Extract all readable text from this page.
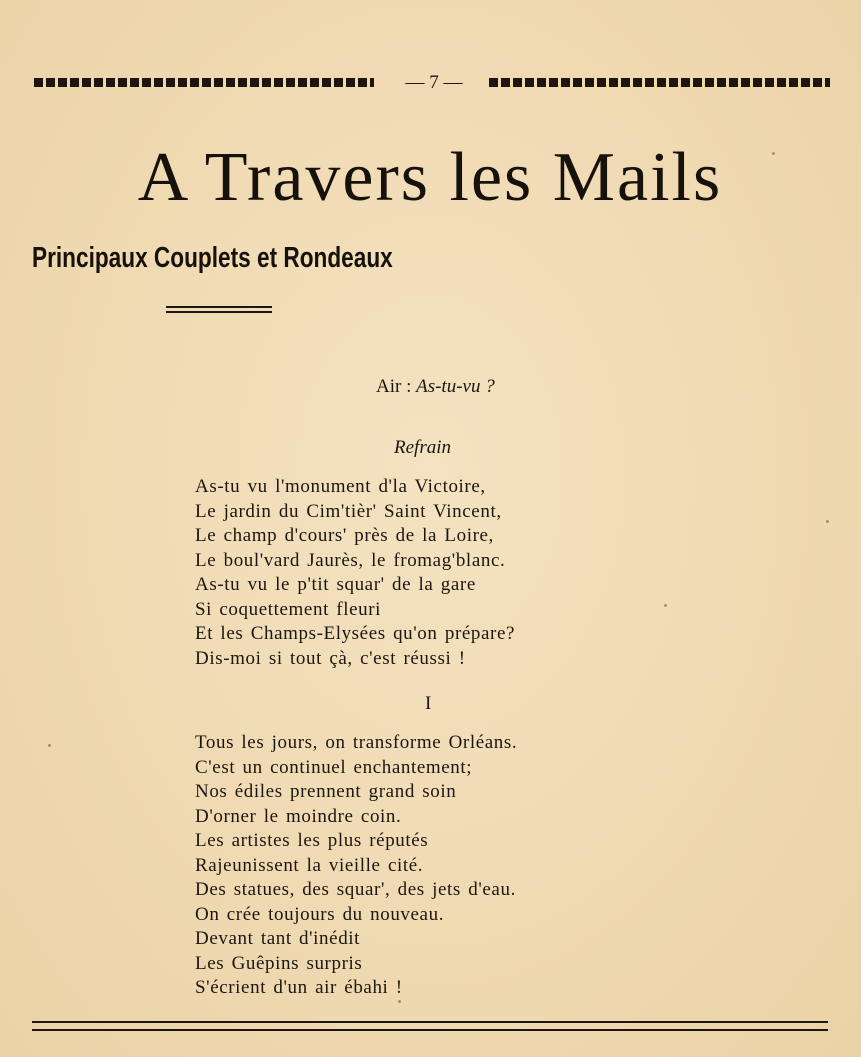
— 7 —
A Travers les Mails
Principaux Couplets et Rondeaux
Air : As-tu-vu ?
Refrain
As-tu vu l'monument d'la Victoire,
Le jardin du Cim'tièr' Saint Vincent,
Le champ d'cours' près de la Loire,
Le boul'vard Jaurès, le fromag'blanc.
As-tu vu le p'tit squar' de la gare
Si coquettement fleuri
Et les Champs-Elysées qu'on prépare?
Dis-moi si tout çà, c'est réussi !
I
Tous les jours, on transforme Orléans.
C'est un continuel enchantement;
Nos édiles prennent grand soin
D'orner le moindre coin.
Les artistes les plus réputés
Rajeunissent la vieille cité.
Des statues, des squar', des jets d'eau.
On crée toujours du nouveau.
Devant tant d'inédit
Les Guêpins surpris
S'écrient d'un air ébahi !
